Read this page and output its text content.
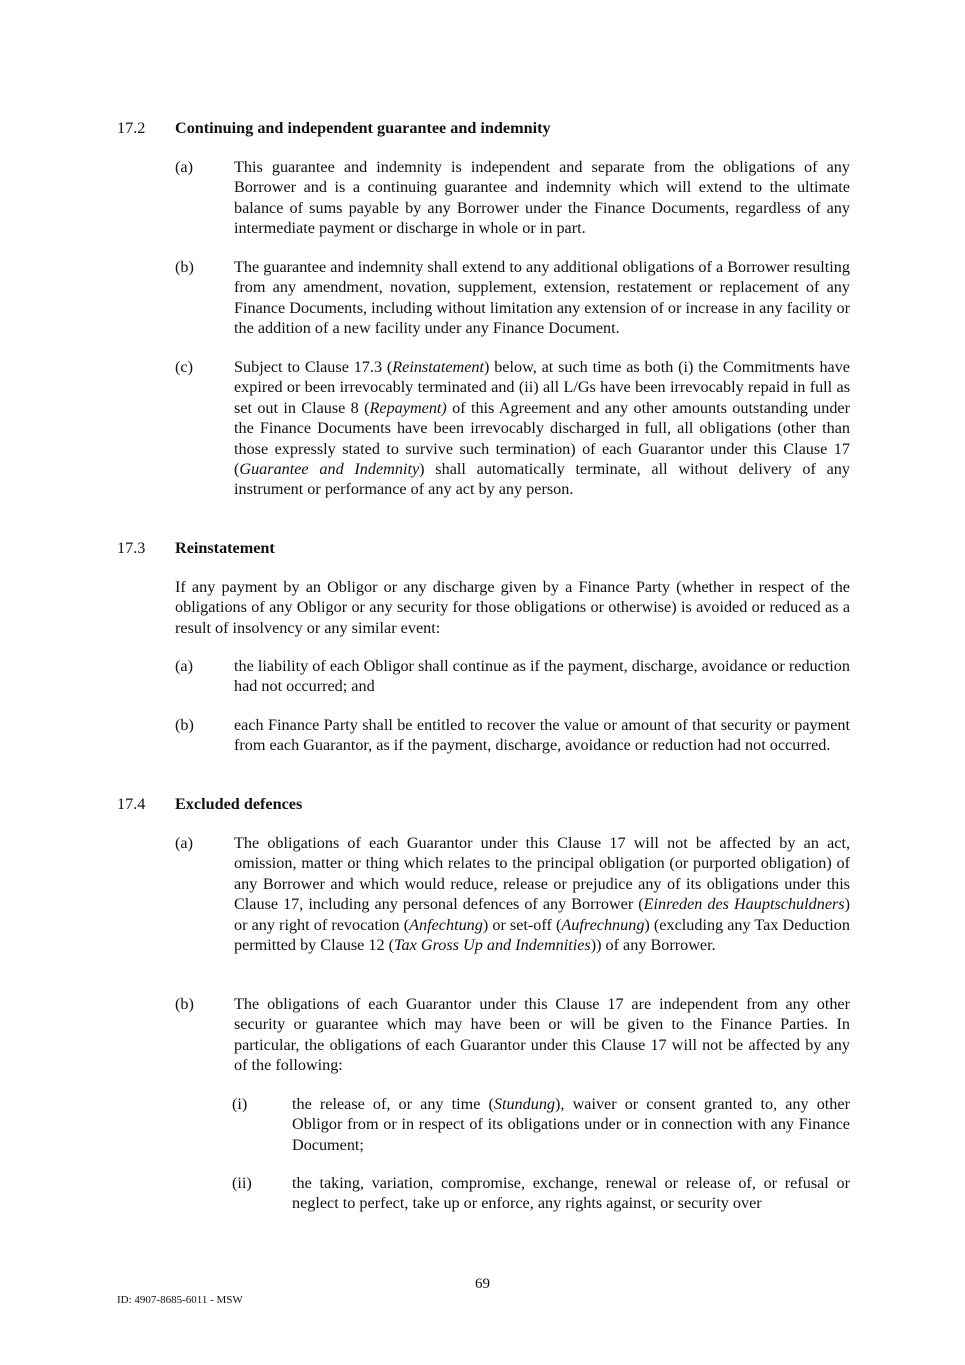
17.2 Continuing and independent guarantee and indemnity
(a)	This guarantee and indemnity is independent and separate from the obligations of any Borrower and is a continuing guarantee and indemnity which will extend to the ultimate balance of sums payable by any Borrower under the Finance Documents, regardless of any intermediate payment or discharge in whole or in part.
(b) The guarantee and indemnity shall extend to any additional obligations of a Borrower resulting from any amendment, novation, supplement, extension, restatement or replacement of any Finance Documents, including without limitation any extension of or increase in any facility or the addition of a new facility under any Finance Document.
(c)	Subject to Clause 17.3 (Reinstatement) below, at such time as both (i) the Commitments have expired or been irrevocably terminated and (ii) all L/Gs have been irrevocably repaid in full as set out in Clause 8 (Repayment) of this Agreement and any other amounts outstanding under the Finance Documents have been irrevocably discharged in full, all obligations (other than those expressly stated to survive such termination) of each Guarantor under this Clause 17 (Guarantee and Indemnity) shall automatically terminate, all without delivery of any instrument or performance of any act by any person.
17.3 Reinstatement
If any payment by an Obligor or any discharge given by a Finance Party (whether in respect of the obligations of any Obligor or any security for those obligations or otherwise) is avoided or reduced as a result of insolvency or any similar event:
(a)	the liability of each Obligor shall continue as if the payment, discharge, avoidance or reduction had not occurred; and
(b) each Finance Party shall be entitled to recover the value or amount of that security or payment from each Guarantor, as if the payment, discharge, avoidance or reduction had not occurred.
17.4 Excluded defences
(a)	The obligations of each Guarantor under this Clause 17 will not be affected by an act, omission, matter or thing which relates to the principal obligation (or purported obligation) of any Borrower and which would reduce, release or prejudice any of its obligations under this Clause 17, including any personal defences of any Borrower (Einreden des Hauptschuldners) or any right of revocation (Anfechtung) or set-off (Aufrechnung) (excluding any Tax Deduction permitted by Clause 12 (Tax Gross Up and Indemnities)) of any Borrower.
(b) The obligations of each Guarantor under this Clause 17 are independent from any other security or guarantee which may have been or will be given to the Finance Parties. In particular, the obligations of each Guarantor under this Clause 17 will not be affected by any of the following:
(i)	the release of, or any time (Stundung), waiver or consent granted to, any other Obligor from or in respect of its obligations under or in connection with any Finance Document;
(ii) the taking, variation, compromise, exchange, renewal or release of, or refusal or neglect to perfect, take up or enforce, any rights against, or security over
69
ID: 4907-8685-6011 - MSW
